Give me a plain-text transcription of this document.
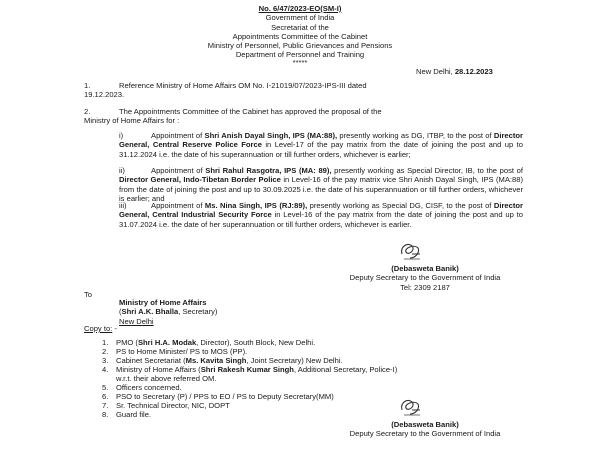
No. 6/47/2023-EO(SM-I)
Government of India
Secretariat of the
Appointments Committee of the Cabinet
Ministry of Personnel, Public Grievances and Pensions
Department of Personnel and Training
*****
New Delhi, 28.12.2023
1.	Reference Ministry of Home Affairs OM No. I-21019/07/2023-IPS-III dated
19.12.2023.
2.	The Appointments Committee of the Cabinet has approved the proposal of the
Ministry of Home Affairs for :
i)	Appointment of Shri Anish Dayal Singh, IPS (MA:88), presently working as DG, ITBP, to the post of Director General, Central Reserve Police Force in Level-17 of the pay matrix from the date of joining the post and up to 31.12.2024 i.e. the date of his superannuation or till further orders, whichever is earlier;
ii)	Appointment of Shri Rahul Rasgotra, IPS (MA: 89), presently working as Special Director, IB, to the post of Director General, Indo-Tibetan Border Police in Level-16 of the pay matrix vice Shri Anish Dayal Singh, IPS (MA:88) from the date of joining the post and up to 30.09.2025 i.e. the date of his superannuation or till further orders, whichever is earlier; and
iii)	Appointment of Ms. Nina Singh, IPS (RJ:89), presently working as Special DG, CISF, to the post of Director General, Central Industrial Security Force in Level-16 of the pay matrix from the date of joining the post and up to 31.07.2024 i.e. the date of her superannuation or till further orders, whichever is earlier.
(Debasweta Banik)
Deputy Secretary to the Government of India
Tel: 2309 2187
To
Ministry of Home Affairs
(Shri A.K. Bhalla, Secretary)
New Delhi
Copy to: -
1. PMO (Shri H.A. Modak, Director), South Block, New Delhi.
2. PS to Home Minister/ PS to MOS (PP).
3. Cabinet Secretariat (Ms. Kavita Singh, Joint Secretary) New Delhi.
4. Ministry of Home Affairs (Shri Rakesh Kumar Singh, Additional Secretary, Police-I)
w.r.t. their above referred OM.
5. Officers concerned.
6. PSO to Secretary (P) / PPS to EO / PS to Deputy Secretary(MM)
7. Sr. Technical Director, NIC, DOPT
8. Guard file.
(Debasweta Banik)
Deputy Secretary to the Government of India
